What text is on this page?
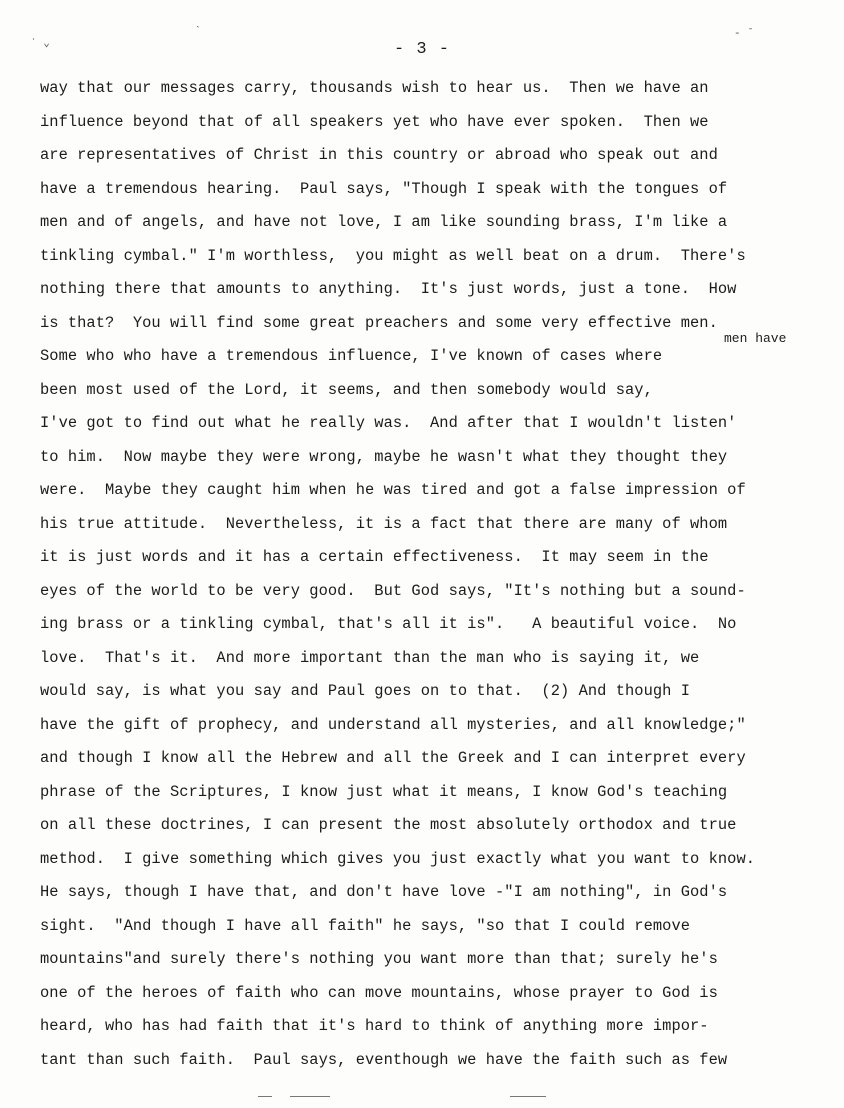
- 3 -
ʾ ⌄
- ˉ
ˋ
men have
way that our messages carry, thousands wish to hear us.  Then we have an
influence beyond that of all speakers yet who have ever spoken.  Then we
are representatives of Christ in this country or abroad who speak out and
have a tremendous hearing.  Paul says, "Though I speak with the tongues of
men and of angels, and have not love, I am like sounding brass, I'm like a
tinkling cymbal." I'm worthless,  you might as well beat on a drum.  There's
nothing there that amounts to anything.  It's just words, just a tone.  How
is that?  You will find some great preachers and some very effective men.
Some who who have a tremendous influence, I've known of cases where
been most used of the Lord, it seems, and then somebody would say,
I've got to find out what he really was.  And after that I wouldn't listen'
to him.  Now maybe they were wrong, maybe he wasn't what they thought they
were.  Maybe they caught him when he was tired and got a false impression of
his true attitude.  Nevertheless, it is a fact that there are many of whom
it is just words and it has a certain effectiveness.  It may seem in the
eyes of the world to be very good.  But God says, "It's nothing but a sound-
ing brass or a tinkling cymbal, that's all it is".   A beautiful voice.  No
love.  That's it.  And more important than the man who is saying it, we
would say, is what you say and Paul goes on to that.  (2) And though I
have the gift of prophecy, and understand all mysteries, and all knowledge;"
and though I know all the Hebrew and all the Greek and I can interpret every
phrase of the Scriptures, I know just what it means, I know God's teaching
on all these doctrines, I can present the most absolutely orthodox and true
method.  I give something which gives you just exactly what you want to know.
He says, though I have that, and don't have love -"I am nothing", in God's
sight.  "And though I have all faith" he says, "so that I could remove
mountains"and surely there's nothing you want more than that; surely he's
one of the heroes of faith who can move mountains, whose prayer to God is
heard, who has had faith that it's hard to think of anything more impor-
tant than such faith.  Paul says, eventhough we have the faith such as few
